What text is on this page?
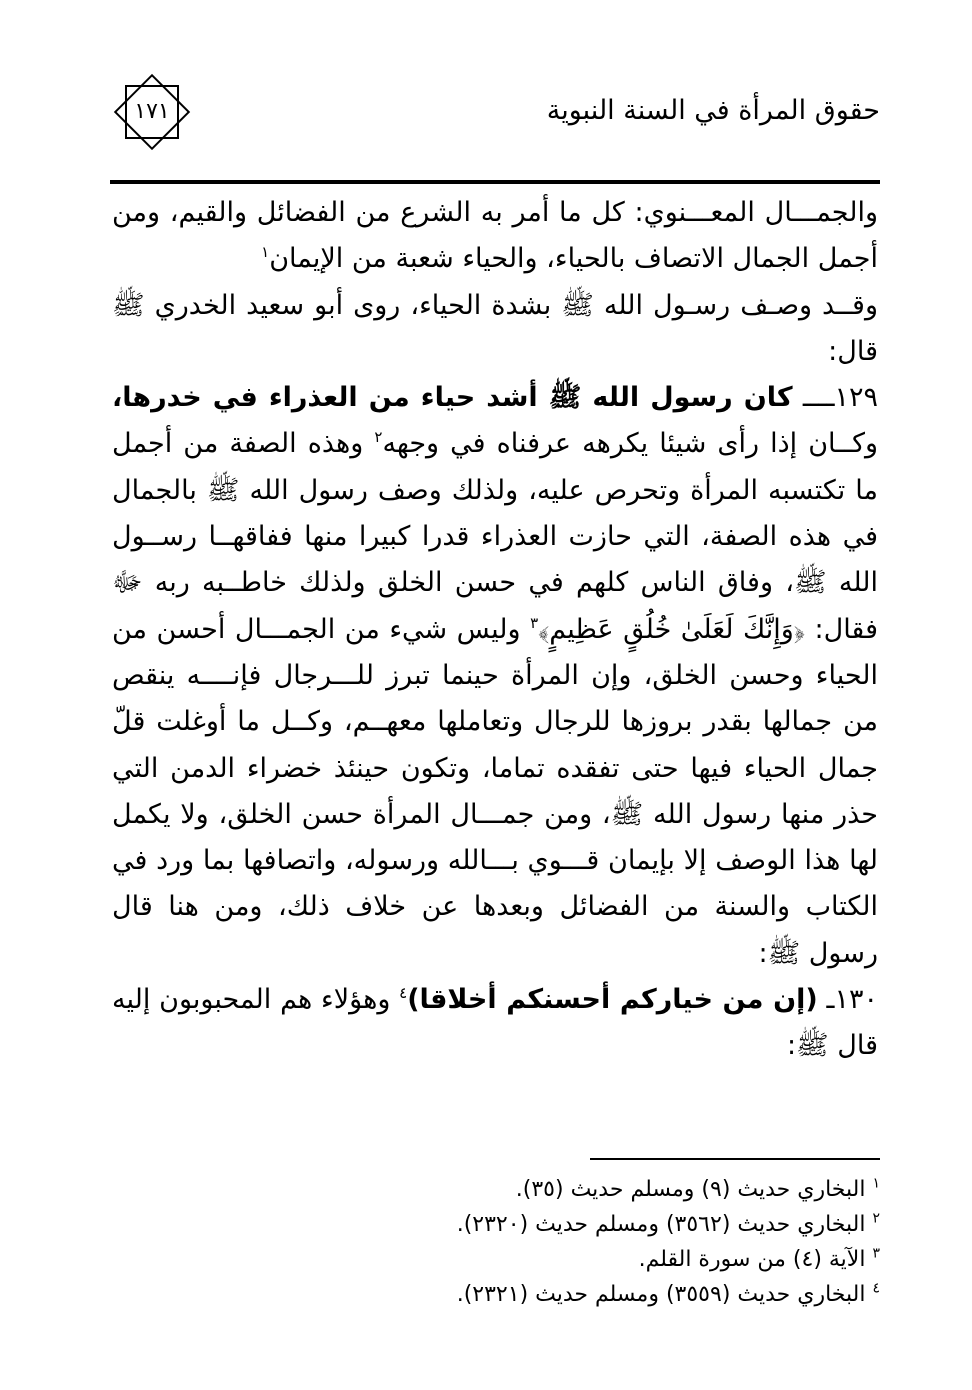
حقوق المرأة في السنة النبوية
١٧١

والجمـــال المعـــنوي: كل ما أمر به الشرع من الفضائل والقيم، ومن أجمل الجمال الاتصاف بالحياء، والحياء شعبة من الإيمان$^١$

وقــد وصـف رسـول الله ﷺ بشدة الحياء، روى أبو سعيد الخدري ﷺ قال:

١٢٩ــــ كان رسول الله ﷺ أشد حياء من العذراء في خدرها، وكــان إذا رأى شيئا يكرهه عرفناه في وجهه$^٢$ وهذه الصفة من أجمل ما تكتسبه المرأة وتحرص عليه، ولذلك وصف رسول الله ﷺ بالجمال في هذه الصفة، التي حازت العذراء قدرا كبيرا منها ففاقهــا رســول الله ﷺ، وفاق الناس كلهم في حسن الخلق ولذلك خاطــبه ربه ﷻ فقال: ﴿وَإِنَّكَ لَعَلَىٰ خُلُقٍ عَظِيمٍ﴾$^٣$ وليس شيء من الجمـــال أحسن من الحياء وحسن الخلق، وإن المرأة حينما تبرز للـــرجال فإنــــه ينقص من جمالها بقدر بروزها للرجال وتعاملها معهــم، وكــل ما أوغلت قلّ جمال الحياء فيها حتى تفقده تماما، وتكون حينئذ خضراء الدمن التي حذر منها رسول الله ﷺ، ومن جمـــال المرأة حسن الخلق، ولا يكمل لها هذا الوصف إلا بإيمان قـــوي بـــالله ورسوله، واتصافها بما ورد في الكتاب والسنة من الفضائل وبعدها عن خلاف ذلك، ومن هنا قال رسول ﷺ:

١٣٠ـ (إن من خياركم أحسنكم أخلاقا)$^٤$ وهؤلاء هم المحبوبون إليه قال ﷺ:

$^١$ البخاري حديث (٩) ومسلم حديث (٣٥).
$^٢$ البخاري حديث (٣٥٦٢) ومسلم حديث (٢٣٢٠).
$^٣$ الآية (٤) من سورة القلم.
$^٤$ البخاري حديث (٣٥٥٩) ومسلم حديث (٢٣٢١).
